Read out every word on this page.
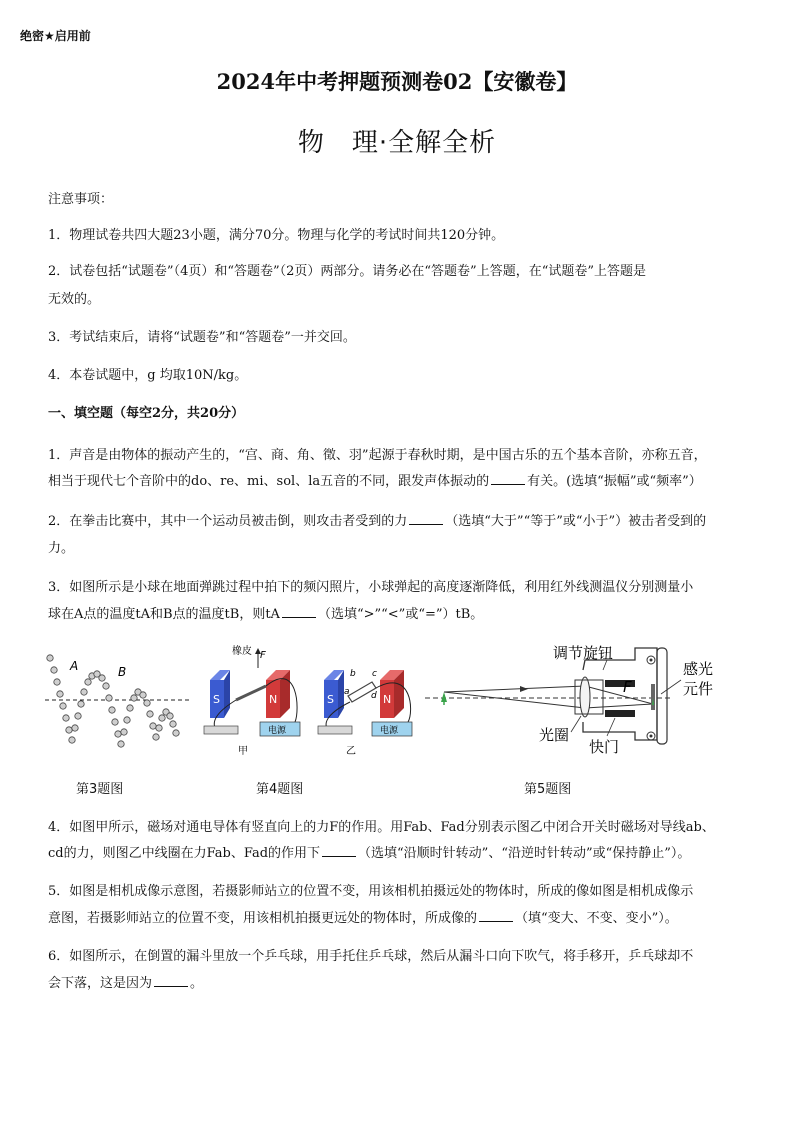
绝密★启用前
2024年中考押题预测卷02【安徽卷】
物　理·全解全析
注意事项：
1．物理试卷共四大题23小题，满分70分。物理与化学的考试时间共120分钟。
2．试卷包括“试题卷”（4页）和“答题卷”（2页）两部分。请务必在“答题卷”上答题，在“试题卷”上答题是
无效的。
3．考试结束后，请将“试题卷”和“答题卷”一并交回。
4．本卷试题中，g 均取10N/kg。
一、填空题（每空2分，共20分）
1．声音是由物体的振动产生的，“宫、商、角、徵、羽”起源于春秋时期，是中国古乐的五个基本音阶，亦称五音，
相当于现代七个音阶中的do、re、mi、sol、la五音的不同，跟发声体振动的	有关。(选填“振幅”或“频率”）
2．在拳击比赛中，其中一个运动员被击倒，则攻击者受到的力	（选填“大于”“等于”或“小于”）被击者受到的
力。
3．如图所示是小球在地面弹跳过程中拍下的频闪照片，小球弹起的高度逐渐降低，利用红外线测温仪分别测量小
球在A点的温度tA和B点的温度tB，则tA	（选填“>”“<”或“=”）tB。
A	B
橡皮 F
S	N
电源
甲
S	N
b c
a d
电源
乙
调节旋钮
感光
元件
F
光圈
快门
第3题图	第4题图	第5题图
4．如图甲所示，磁场对通电导体有竖直向上的力F的作用。用Fab、Fad分别表示图乙中闭合开关时磁场对导线ab、
cd的力，则图乙中线圈在力Fab、Fad的作用下	（选填“沿顺时针转动”、“沿逆时针转动”或“保持静止”）。
5．如图是相机成像示意图，若摄影师站立的位置不变，用该相机拍摄远处的物体时，所成的像如图是相机成像示
意图，若摄影师站立的位置不变，用该相机拍摄更远处的物体时，所成像的	（填“变大、不变、变小”）。
6．如图所示，在倒置的漏斗里放一个乒乓球，用手托住乒乓球，然后从漏斗口向下吹气，将手移开，乒乓球却不
会下落，这是因为	。
